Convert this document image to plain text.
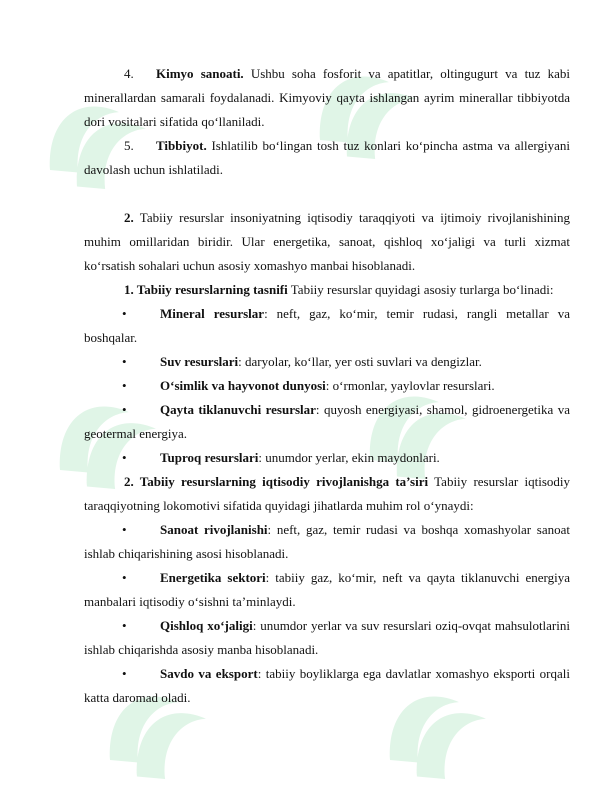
4. Kimyo sanoati. Ushbu soha fosforit va apatitlar, oltingugurt va tuz kabi minerallardan samarali foydalanadi. Kimyoviy qayta ishlangan ayrim minerallar tibbiyotda dori vositalari sifatida qo‘llaniladi.

5. Tibbiyot. Ishlatilib bo‘lingan tosh tuz konlari ko‘pincha astma va allergiyani davolash uchun ishlatiladi.

2. Tabiiy resurslar insoniyatning iqtisodiy taraqqiyoti va ijtimoiy rivojlanishining muhim omillaridan biridir. Ular energetika, sanoat, qishloq xo‘jaligi va turli xizmat ko‘rsatish sohalari uchun asosiy xomashyo manbai hisoblanadi.

1. Tabiiy resurslarning tasnifi Tabiiy resurslar quyidagi asosiy turlarga bo‘linadi:

•	Mineral resurslar: neft, gaz, ko‘mir, temir rudasi, rangli metallar va boshqalar.

•	Suv resurslari: daryolar, ko‘llar, yer osti suvlari va dengizlar.

•	O‘simlik va hayvonot dunyosi: o‘rmonlar, yaylovlar resurslari.

•	Qayta tiklanuvchi resurslar: quyosh energiyasi, shamol, gidroenergetika va geotermal energiya.

•	Tuproq resurslari: unumdor yerlar, ekin maydonlari.

2. Tabiiy resurslarning iqtisodiy rivojlanishga ta’siri Tabiiy resurslar iqtisodiy taraqqiyotning lokomotivi sifatida quyidagi jihatlarda muhim rol o‘ynaydi:

•	Sanoat rivojlanishi: neft, gaz, temir rudasi va boshqa xomashyolar sanoat ishlab chiqarishining asosi hisoblanadi.

•	Energetika sektori: tabiiy gaz, ko‘mir, neft va qayta tiklanuvchi energiya manbalari iqtisodiy o‘sishni ta’minlaydi.

•	Qishloq xo‘jaligi: unumdor yerlar va suv resurslari oziq-ovqat mahsulotlarini ishlab chiqarishda asosiy manba hisoblanadi.

•	Savdo va eksport: tabiiy boyliklarga ega davlatlar xomashyo eksporti orqali katta daromad oladi.
